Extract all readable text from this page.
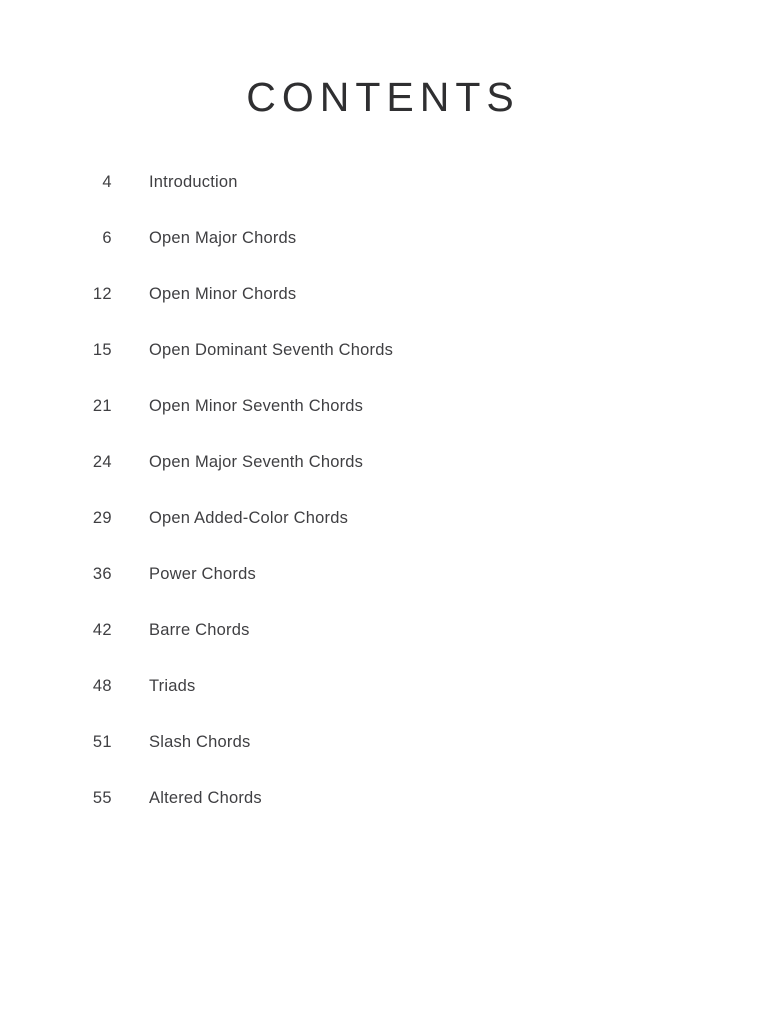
CONTENTS
4	Introduction
6	Open Major Chords
12	Open Minor Chords
15	Open Dominant Seventh Chords
21	Open Minor Seventh Chords
24	Open Major Seventh Chords
29	Open Added-Color Chords
36	Power Chords
42	Barre Chords
48	Triads
51	Slash Chords
55	Altered Chords
